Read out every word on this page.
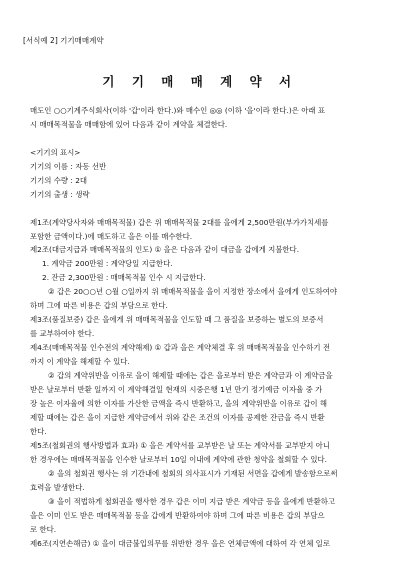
[서식예 2] 기기매매계약
기 기 매 매 계 약 서
매도인 ○○기계주식회사(이하 '갑'이라 한다.)와 매수인 ◎◎ (이하 '을'이라 한다.)은 아래 표
시 매매목적물을 매매함에 있어 다음과 같이 계약을 체결한다.
<기기의 표시>
기기의 이름 : 자동 선반
기기의 수량 : 2대
기기의 출생 : 생략
제1조(계약당사자와 매매목적물) 갑은 위 매매목적물 2대를 을에게 2,500만원(부가가치세를
포함한 금액이다.)에 매도하고 을은 이를 매수한다.
제2조(대금지급과 매매목적물의 인도) ① 을은 다음과 같이 대금을 갑에게 지불한다.
1. 계약금 200만원 : 계약당일 지급한다.
2. 잔금 2,300만원 : 매매목적물 인수 시 지급한다.
② 갑은 20○○년 ○월 ○일까지 위 매매목적물을 을이 지정한 장소에서 을에게 인도하여야
하며 그에 따른 비용은 갑의 부담으로 한다.
제3조(품질보증) 갑은 을에게 위 매매목적물을 인도할 때 그 품질을 보증하는 별도의 보증서
를 교부하여야 한다.
제4조(매매목적물 인수전의 계약해제) ① 갑과 을은 계약체결 후 위 매매목적물을 인수하기 전
까지 이 계약을 해제할 수 있다.
② 갑의 계약위반을 이유로 을이 해제할 때에는 갑은 을로부터 받은 계약금과 이 계약금을
받은 날로부터 반환 일까지 이 계약해결일 현재의 시중은행 1년 만기 정기예금 이자율 중 가
장 높은 이자율에 의한 이자를 가산한 금액을 즉시 반환하고, 을의 계약위반을 이유로 갑이 해
제할 때에는 갑은 을이 지급한 계약금에서 위와 같은 조건의 이자를 공제한 잔금을 즉시 반환
한다.
제5조(철회권의 행사방법과 효과) ① 을은 계약서를 교부받은 날 또는 계약서를 교부받지 아니
한 경우에는 매매목적물을 인수한 날로부터 10일 이내에 계약에 관한 청약을 철회할 수 있다.
② 을의 철회권 행사는 위 기간내에 철회의 의사표시가 기재된 서면을 갑에게 발송함으로써
효력을 발생한다.
③ 을이 적법하게 철회권을 행사한 경우 갑은 이미 지급 받은 계약금 등을 을에게 반환하고
을은 이미 인도 받은 매매목적물 등을 갑에게 반환하여야 하며 그에 따른 비용은 갑의 부담으
로 한다.
제6조(지연손해금) ① 을이 대금불입의무를 위반한 경우 을은 연체금액에 대하여 각 연체 일로
